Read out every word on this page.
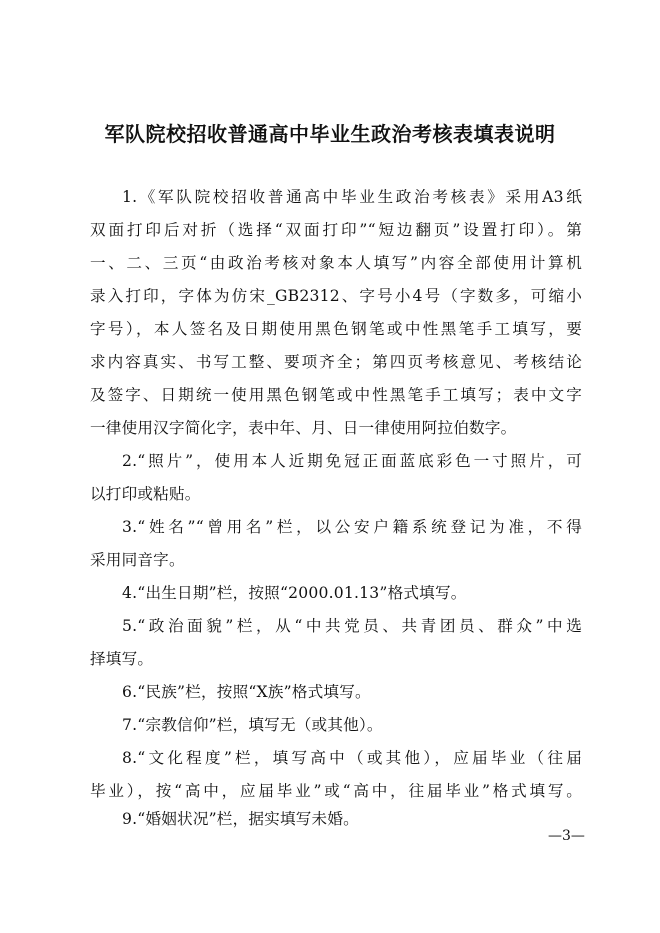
军队院校招收普通高中毕业生政治考核表填表说明
1.《军队院校招收普通高中毕业生政治考核表》采用A3纸
双面打印后对折（选择“双面打印”“短边翻页”设置打印）。第
一、二、三页“由政治考核对象本人填写”内容全部使用计算机
录入打印，字体为仿宋_GB2312、字号小4号（字数多，可缩小
字号），本人签名及日期使用黑色钢笔或中性黑笔手工填写，要
求内容真实、书写工整、要项齐全；第四页考核意见、考核结论
及签字、日期统一使用黑色钢笔或中性黑笔手工填写；表中文字
一律使用汉字简化字，表中年、月、日一律使用阿拉伯数字。
2.“照片”，使用本人近期免冠正面蓝底彩色一寸照片，可
以打印或粘贴。
3.“姓名”“曾用名”栏，以公安户籍系统登记为准，不得
采用同音字。
4.“出生日期”栏，按照“2000.01.13”格式填写。
5.“政治面貌”栏，从“中共党员、共青团员、群众”中选
择填写。
6.“民族”栏，按照“X族”格式填写。
7.“宗教信仰”栏，填写无（或其他）。
8.“文化程度”栏，填写高中（或其他），应届毕业（往届
毕业），按“高中，应届毕业”或“高中，往届毕业”格式填写。
9.“婚姻状况”栏，据实填写未婚。
—3—
